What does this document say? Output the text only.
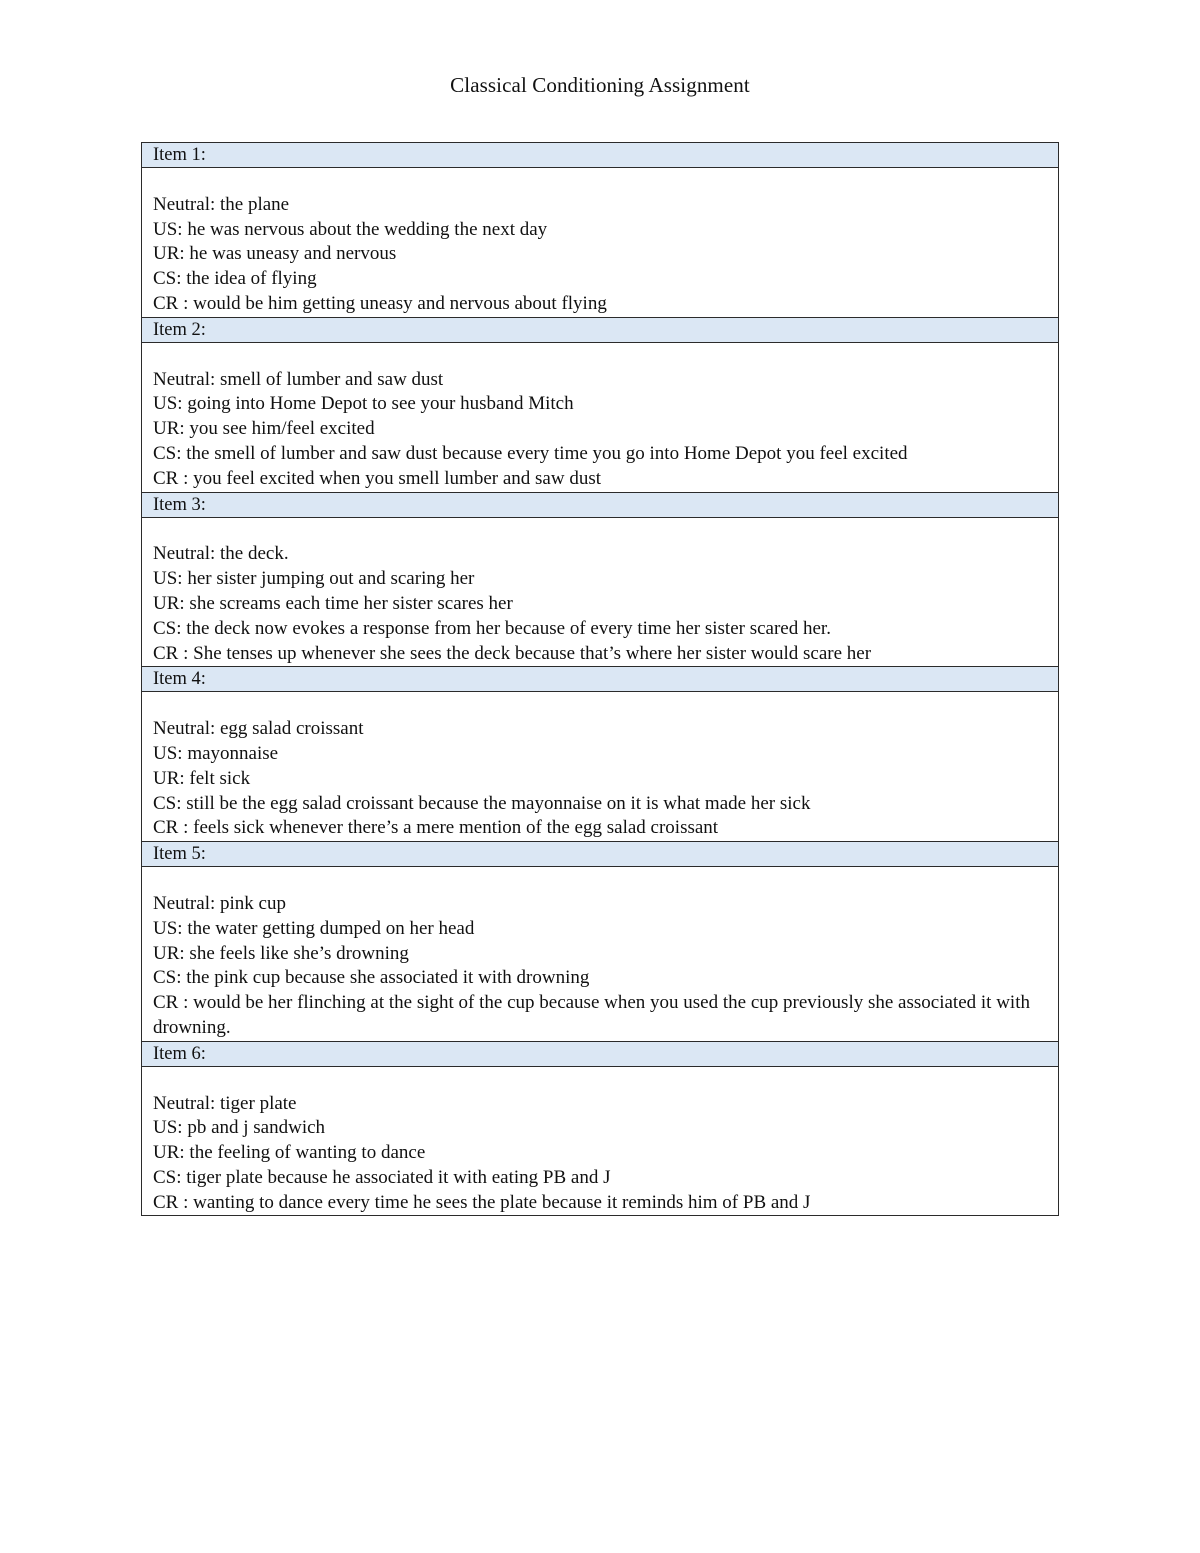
Classical Conditioning Assignment
Item 1:
Neutral: the plane
US: he was nervous about the wedding the next day
UR: he was uneasy and nervous
CS: the idea of flying
CR : would be him getting uneasy and nervous about flying
Item 2:
Neutral: smell of lumber and saw dust
US: going into Home Depot to see your husband Mitch
UR: you see him/feel excited
CS: the smell of lumber and saw dust because every time you go into Home Depot you feel excited
CR : you feel excited when you smell lumber and saw dust
Item 3:
Neutral: the deck.
US: her sister jumping out and scaring her
UR: she screams each time her sister scares her
CS: the deck now evokes a response from her because of every time her sister scared her.
CR : She tenses up whenever she sees the deck because that’s where her sister would scare her
Item 4:
Neutral: egg salad croissant
US: mayonnaise
UR: felt sick
CS: still be the egg salad croissant because the mayonnaise on it is what made her sick
CR : feels sick whenever there’s a mere mention of the egg salad croissant
Item 5:
Neutral: pink cup
US: the water getting dumped on her head
UR: she feels like she’s drowning
CS: the pink cup because she associated it with drowning
CR : would be her flinching at the sight of the cup because when you used the cup previously she associated it with drowning.
Item 6:
Neutral: tiger plate
US: pb and j sandwich
UR: the feeling of wanting to dance
CS: tiger plate because he associated it with eating PB and J
CR : wanting to dance every time he sees the plate because it reminds him of PB and J
